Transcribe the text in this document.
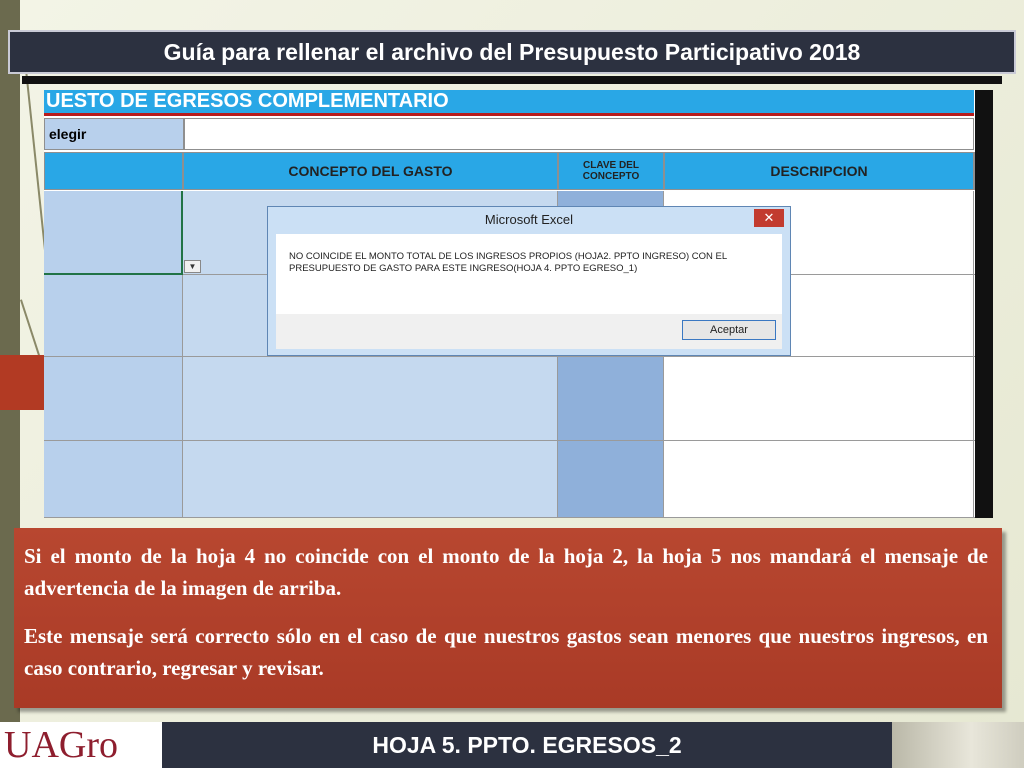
Guía para rellenar el archivo del Presupuesto Participativo 2018
UESTO DE EGRESOS COMPLEMENTARIO
elegir
CONCEPTO DEL GASTO	CLAVE DEL CONCEPTO	DESCRIPCION
▼
Microsoft Excel	✕
NO COINCIDE EL MONTO TOTAL DE LOS INGRESOS PROPIOS (HOJA2. PPTO INGRESO) CON EL PRESUPUESTO DE GASTO PARA ESTE INGRESO(HOJA 4. PPTO EGRESO_1)
Aceptar

Si el monto de la hoja 4 no coincide con el monto de la hoja 2, la hoja 5 nos mandará el mensaje de advertencia de la imagen de arriba.

Este mensaje será correcto sólo en el caso de que nuestros gastos sean menores que nuestros ingresos, en caso contrario, regresar y revisar.

UAGro	HOJA 5. PPTO. EGRESOS_2
